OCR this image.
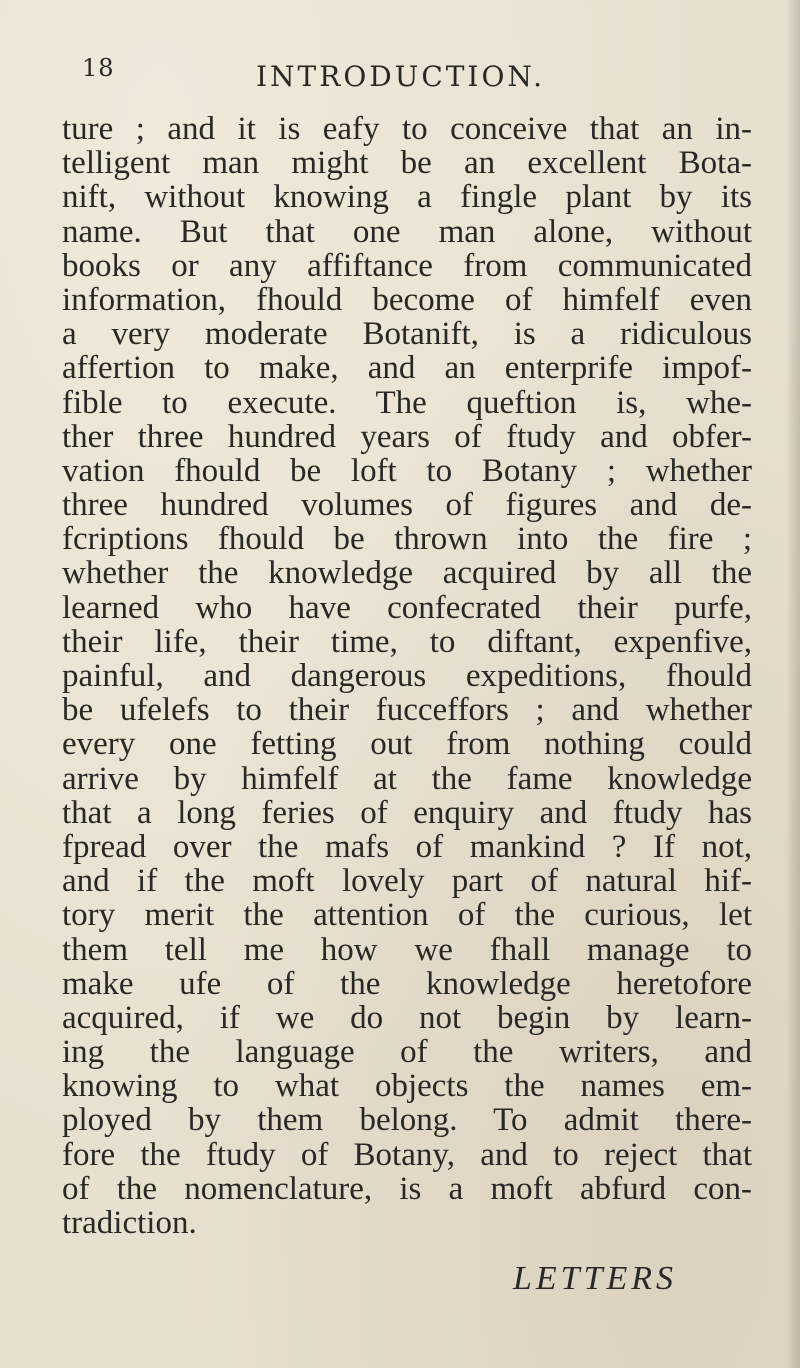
18	INTRODUCTION.
ture ; and it is eafy to conceive that an in-
telligent man might be an excellent Bota-
nift, without knowing a fingle plant by its
name. But that one man alone, without
books or any affiftance from communicated
information, fhould become of himfelf even
a very moderate Botanift, is a ridiculous
affertion to make, and an enterprife impof-
fible to execute. The queftion is, whe-
ther three hundred years of ftudy and obfer-
vation fhould be loft to Botany ; whether
three hundred volumes of figures and de-
fcriptions fhould be thrown into the fire ;
whether the knowledge acquired by all the
learned who have confecrated their purfe,
their life, their time, to diftant, expenfive,
painful, and dangerous expeditions, fhould
be ufelefs to their fucceffors ; and whether
every one fetting out from nothing could
arrive by himfelf at the fame knowledge
that a long feries of enquiry and ftudy has
fpread over the mafs of mankind ? If not,
and if the moft lovely part of natural hif-
tory merit the attention of the curious, let
them tell me how we fhall manage to
make ufe of the knowledge heretofore
acquired, if we do not begin by learn-
ing the language of the writers, and
knowing to what objects the names em-
ployed by them belong. To admit there-
fore the ftudy of Botany, and to reject that
of the nomenclature, is a moft abfurd con-
tradiction.
LETTERS
